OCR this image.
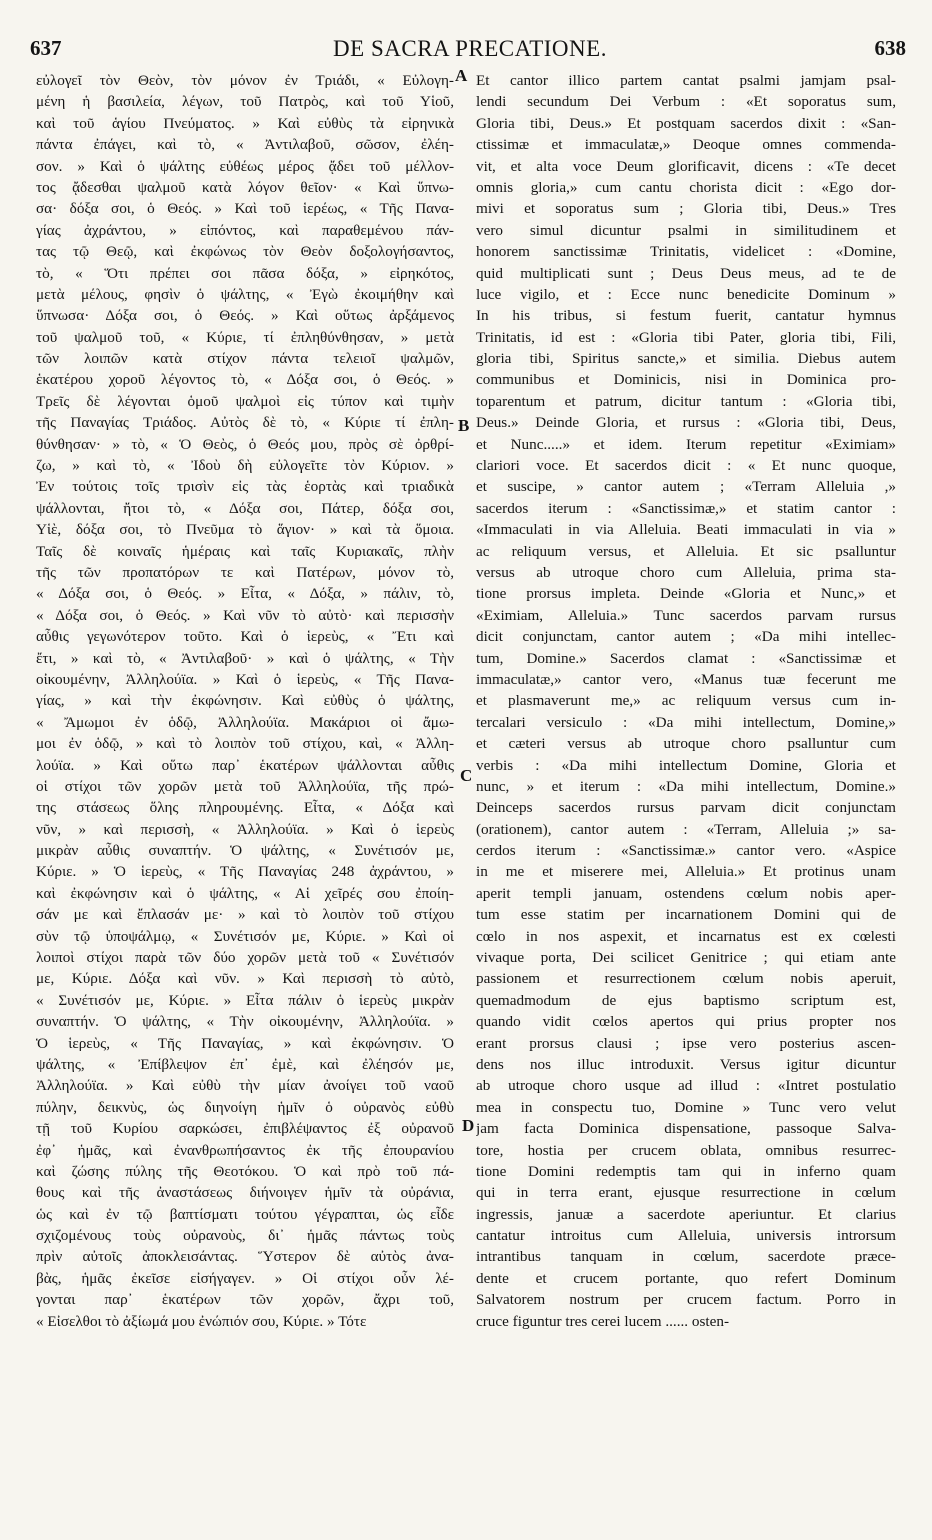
637	DE SACRA PRECATIONE.	638
A
B
C
D
εὐλογεῖ τὸν Θεὸν, τὸν μόνον ἐν Τριάδι, « Εὐλογη-
μένη ἡ βασιλεία, λέγων, τοῦ Πατρὸς, καὶ τοῦ Υἱοῦ,
καὶ τοῦ ἁγίου Πνεύματος. » Καὶ εὐθὺς τὰ εἰρηνικὰ
πάντα ἐπάγει, καὶ τὸ, « Ἀντιλαβοῦ, σῶσον, ἐλέη-
σον. » Καὶ ὁ ψάλτης εὐθέως μέρος ᾄδει τοῦ μέλλον-
τος ᾄδεσθαι ψαλμοῦ κατὰ λόγον θεῖον· « Καὶ ὕπνω-
σα· δόξα σοι, ὁ Θεός. » Καὶ τοῦ ἱερέως, « Τῆς Πανα-
γίας ἀχράντου, » εἰπόντος, καὶ παραθεμένου πάν-
τας τῷ Θεῷ, καὶ ἐκφώνως τὸν Θεὸν δοξολογήσαντος,
τὸ, « Ὅτι πρέπει σοι πᾶσα δόξα, » εἰρηκότος,
μετὰ μέλους, φησὶν ὁ ψάλτης, « Ἐγὼ ἐκοιμήθην καὶ
ὕπνωσα· Δόξα σοι, ὁ Θεός. » Καὶ οὕτως ἀρξάμενος
τοῦ ψαλμοῦ τοῦ, « Κύριε, τί ἐπληθύνθησαν, » μετὰ
τῶν λοιπῶν κατὰ στίχον πάντα τελειοῖ ψαλμῶν,
ἑκατέρου χοροῦ λέγοντος τὸ, « Δόξα σοι, ὁ Θεός. »
Τρεῖς δὲ λέγονται ὁμοῦ ψαλμοὶ εἰς τύπον καὶ τιμὴν
τῆς Παναγίας Τριάδος. Αὐτὸς δὲ τὸ, « Κύριε τί ἐπλη-
θύνθησαν· » τὸ, « Ὁ Θεὸς, ὁ Θεός μου, πρὸς σὲ ὀρθρί-
ζω, » καὶ τὸ, « Ἰδοὺ δὴ εὐλογεῖτε τὸν Κύριον. »
Ἐν τούτοις τοῖς τρισὶν εἰς τὰς ἑορτὰς καὶ τριαδικὰ
ψάλλονται, ἤτοι τὸ, « Δόξα σοι, Πάτερ, δόξα σοι,
Υἱὲ, δόξα σοι, τὸ Πνεῦμα τὸ ἅγιον· » καὶ τὰ ὅμοια.
Ταῖς δὲ κοιναῖς ἡμέραις καὶ ταῖς Κυριακαῖς, πλὴν
τῆς τῶν προπατόρων τε καὶ Πατέρων, μόνον τὸ,
« Δόξα σοι, ὁ Θεός. » Εἶτα, « Δόξα, » πάλιν, τὸ,
« Δόξα σοι, ὁ Θεός. » Καὶ νῦν τὸ αὐτὸ· καὶ περισσὴν
αὖθις γεγωνότερον τοῦτο. Καὶ ὁ ἱερεὺς, « Ἔτι καὶ
ἔτι, » καὶ τὸ, « Ἀντιλαβοῦ· » καὶ ὁ ψάλτης, « Τὴν
οἰκουμένην, Ἀλληλούϊα. » Καὶ ὁ ἱερεὺς, « Τῆς Πανα-
γίας, » καὶ τὴν ἐκφώνησιν. Καὶ εὐθὺς ὁ ψάλτης,
« Ἄμωμοι ἐν ὁδῷ, Ἀλληλούϊα. Μακάριοι οἱ ἄμω-
μοι ἐν ὁδῷ, » καὶ τὸ λοιπὸν τοῦ στίχου, καὶ, « Ἀλλη-
λούϊα. » Καὶ οὕτω παρ᾽ ἑκατέρων ψάλλονται αὖθις
οἱ στίχοι τῶν χορῶν μετὰ τοῦ Ἀλληλούϊα, τῆς πρώ-
της στάσεως ὅλης πληρουμένης. Εἶτα, « Δόξα καὶ
νῦν, » καὶ περισσὴ, « Ἀλληλούϊα. » Καὶ ὁ ἱερεὺς
μικρὰν αὖθις συναπτήν. Ὁ ψάλτης, « Συνέτισόν με,
Κύριε. » Ὁ ἱερεὺς, « Τῆς Παναγίας 248 ἀχράντου, »
καὶ ἐκφώνησιν καὶ ὁ ψάλτης, « Αἱ χεῖρές σου ἐποίη-
σάν με καὶ ἔπλασάν με· » καὶ τὸ λοιπὸν τοῦ στίχου
σὺν τῷ ὑποψάλμῳ, « Συνέτισόν με, Κύριε. » Καὶ οἱ
λοιποὶ στίχοι παρὰ τῶν δύο χορῶν μετὰ τοῦ « Συνέτισόν
με, Κύριε. Δόξα καὶ νῦν. » Καὶ περισσὴ τὸ αὐτὸ,
« Συνέτισόν με, Κύριε. » Εἶτα πάλιν ὁ ἱερεὺς μικρὰν
συναπτήν. Ὁ ψάλτης, « Τὴν οἰκουμένην, Ἀλληλούϊα. »
Ὁ ἱερεὺς, « Τῆς Παναγίας, » καὶ ἐκφώνησιν. Ὁ
ψάλτης, « Ἐπίβλεψον ἐπ᾽ ἐμὲ, καὶ ἐλέησόν με,
Ἀλληλούϊα. » Καὶ εὐθὺ τὴν μίαν ἀνοίγει τοῦ ναοῦ
πύλην, δεικνὺς, ὡς διηνοίγη ἡμῖν ὁ οὐρανὸς εὐθὺ
τῇ τοῦ Κυρίου σαρκώσει, ἐπιβλέψαντος ἐξ οὐρανοῦ
ἐφ᾽ ἡμᾶς, καὶ ἐνανθρωπήσαντος ἐκ τῆς ἐπουρανίου
καὶ ζώσης πύλης τῆς Θεοτόκου. Ὁ καὶ πρὸ τοῦ πά-
θους καὶ τῆς ἀναστάσεως διήνοιγεν ἡμῖν τὰ οὐράνια,
ὡς καὶ ἐν τῷ βαπτίσματι τούτου γέγραπται, ὡς εἶδε
σχιζομένους τοὺς οὐρανοὺς, δι᾽ ἡμᾶς πάντως τοὺς
πρὶν αὐτοῖς ἀποκλεισάντας. Ὕστερον δὲ αὐτὸς ἀνα-
βὰς, ἡμᾶς ἐκεῖσε εἰσήγαγεν. » Οἱ στίχοι οὖν λέ-
γονται παρ᾽ ἑκατέρων τῶν χορῶν, ἄχρι τοῦ,
« Εἰσελθοι τὸ ἀξίωμά μου ἐνώπιόν σου, Κύριε. » Τότε
Et cantor illico partem cantat psalmi jamjam psal-
lendi secundum Dei Verbum : «Et soporatus sum,
Gloria tibi, Deus.» Et postquam sacerdos dixit : «San-
ctissimæ et immaculatæ,» Deoque omnes commenda-
vit, et alta voce Deum glorificavit, dicens : «Te decet
omnis gloria,» cum cantu chorista dicit : «Ego dor-
mivi et soporatus sum ; Gloria tibi, Deus.» Tres
vero simul dicuntur psalmi in similitudinem et
honorem sanctissimæ Trinitatis, videlicet : «Domine,
quid multiplicati sunt ; Deus Deus meus, ad te de
luce vigilo, et : Ecce nunc benedicite Dominum »
In his tribus, si festum fuerit, cantatur hymnus
Trinitatis, id est : «Gloria tibi Pater, gloria tibi, Fili,
gloria tibi, Spiritus sancte,» et similia. Diebus autem
communibus et Dominicis, nisi in Dominica pro-
toparentum et patrum, dicitur tantum : «Gloria tibi,
Deus.» Deinde Gloria, et rursus : «Gloria tibi, Deus,
et Nunc.....» et idem. Iterum repetitur «Eximiam»
clariori voce. Et sacerdos dicit : « Et nunc quoque,
et suscipe, » cantor autem ; «Terram Alleluia ,»
sacerdos iterum : «Sanctissimæ,» et statim cantor :
«Immaculati in via Alleluia. Beati immaculati in via »
ac reliquum versus, et Alleluia. Et sic psalluntur
versus ab utroque choro cum Alleluia, prima sta-
tione prorsus impleta. Deinde «Gloria et Nunc,» et
«Eximiam, Alleluia.» Tunc sacerdos parvam rursus
dicit conjunctam, cantor autem ; «Da mihi intellec-
tum, Domine.» Sacerdos clamat : «Sanctissimæ et
immaculatæ,» cantor vero, «Manus tuæ fecerunt me
et plasmaverunt me,» ac reliquum versus cum in-
tercalari versiculo : «Da mihi intellectum, Domine,»
et cæteri versus ab utroque choro psalluntur cum
verbis : «Da mihi intellectum Domine, Gloria et
nunc, » et iterum : «Da mihi intellectum, Domine.»
Deinceps sacerdos rursus parvam dicit conjunctam
(orationem), cantor autem : «Terram, Alleluia ;» sa-
cerdos iterum : «Sanctissimæ.» cantor vero. «Aspice
in me et miserere mei, Alleluia.» Et protinus unam
aperit templi januam, ostendens cœlum nobis aper-
tum esse statim per incarnationem Domini qui de
cœlo in nos aspexit, et incarnatus est ex cœlesti
vivaque porta, Dei scilicet Genitrice ; qui etiam ante
passionem et resurrectionem cœlum nobis aperuit,
quemadmodum de ejus baptismo scriptum est,
quando vidit cœlos apertos qui prius propter nos
erant prorsus clausi ; ipse vero posterius ascen-
dens nos illuc introduxit. Versus igitur dicuntur
ab utroque choro usque ad illud : «Intret postulatio
mea in conspectu tuo, Domine » Tunc vero velut
jam facta Dominica dispensatione, passoque Salva-
tore, hostia per crucem oblata, omnibus resurrec-
tione Domini redemptis tam qui in inferno quam
qui in terra erant, ejusque resurrectione in cœlum
ingressis, januæ a sacerdote aperiuntur. Et clarius
cantatur introitus cum Alleluia, universis introrsum
intrantibus tanquam in cœlum, sacerdote præce-
dente et crucem portante, quo refert Dominum
Salvatorem nostrum per crucem factum. Porro in
cruce figuntur tres cerei lucem ...... osten-
